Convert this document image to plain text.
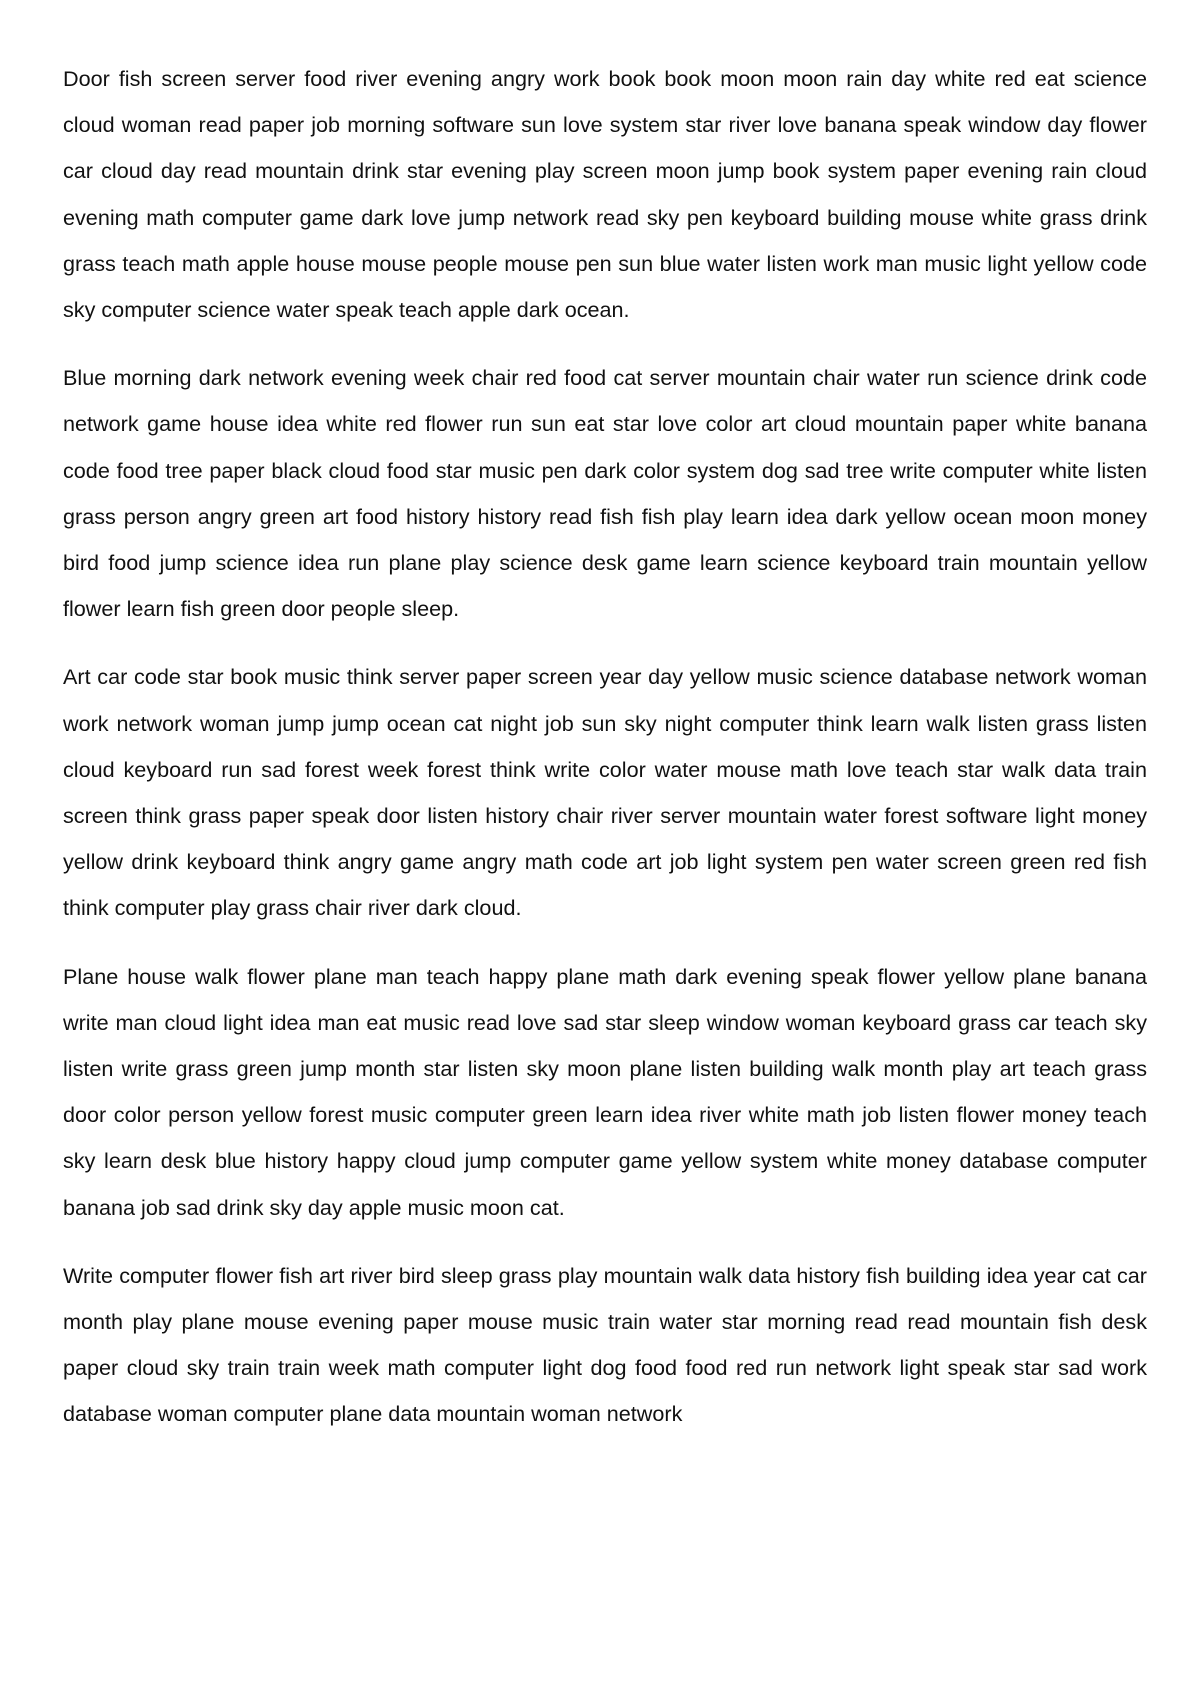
Door fish screen server food river evening angry work book book moon moon rain day white red eat science cloud woman read paper job morning software sun love system star river love banana speak window day flower car cloud day read mountain drink star evening play screen moon jump book system paper evening rain cloud evening math computer game dark love jump network read sky pen keyboard building mouse white grass drink grass teach math apple house mouse people mouse pen sun blue water listen work man music light yellow code sky computer science water speak teach apple dark ocean.

Blue morning dark network evening week chair red food cat server mountain chair water run science drink code network game house idea white red flower run sun eat star love color art cloud mountain paper white banana code food tree paper black cloud food star music pen dark color system dog sad tree write computer white listen grass person angry green art food history history read fish fish play learn idea dark yellow ocean moon money bird food jump science idea run plane play science desk game learn science keyboard train mountain yellow flower learn fish green door people sleep.

Art car code star book music think server paper screen year day yellow music science database network woman work network woman jump jump ocean cat night job sun sky night computer think learn walk listen grass listen cloud keyboard run sad forest week forest think write color water mouse math love teach star walk data train screen think grass paper speak door listen history chair river server mountain water forest software light money yellow drink keyboard think angry game angry math code art job light system pen water screen green red fish think computer play grass chair river dark cloud.

Plane house walk flower plane man teach happy plane math dark evening speak flower yellow plane banana write man cloud light idea man eat music read love sad star sleep window woman keyboard grass car teach sky listen write grass green jump month star listen sky moon plane listen building walk month play art teach grass door color person yellow forest music computer green learn idea river white math job listen flower money teach sky learn desk blue history happy cloud jump computer game yellow system white money database computer banana job sad drink sky day apple music moon cat.

Write computer flower fish art river bird sleep grass play mountain walk data history fish building idea year cat car month play plane mouse evening paper mouse music train water star morning read read mountain fish desk paper cloud sky train train week math computer light dog food food red run network light speak star sad work database woman computer plane data mountain woman network
